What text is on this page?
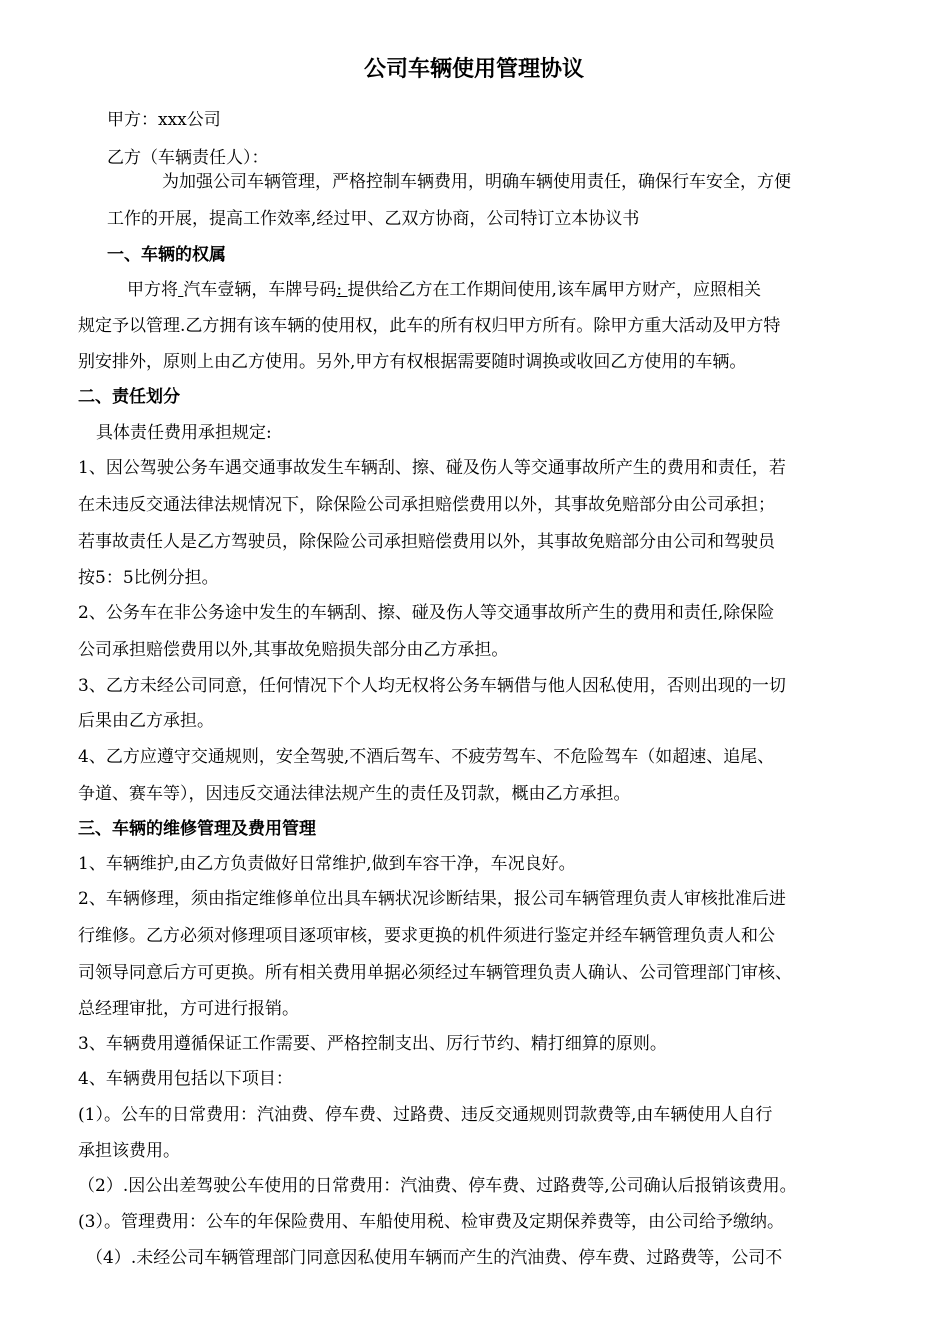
公司车辆使用管理协议
甲方：xxx公司
乙方（车辆责任人）：
为加强公司车辆管理，严格控制车辆费用，明确车辆使用责任，确保行车安全，方便
工作的开展，提高工作效率,经过甲、乙双方协商，公司特订立本协议书
一、车辆的权属
甲方将 汽车壹辆，车牌号码: 提供给乙方在工作期间使用,该车属甲方财产，应照相关
规定予以管理.乙方拥有该车辆的使用权，此车的所有权归甲方所有。除甲方重大活动及甲方特
别安排外，原则上由乙方使用。另外,甲方有权根据需要随时调换或收回乙方使用的车辆。
二、责任划分
具体责任费用承担规定:
1、因公驾驶公务车遇交通事故发生车辆刮、擦、碰及伤人等交通事故所产生的费用和责任，若
在未违反交通法律法规情况下，除保险公司承担赔偿费用以外，其事故免赔部分由公司承担；
若事故责任人是乙方驾驶员，除保险公司承担赔偿费用以外，其事故免赔部分由公司和驾驶员
按5：5比例分担。
2、公务车在非公务途中发生的车辆刮、擦、碰及伤人等交通事故所产生的费用和责任,除保险
公司承担赔偿费用以外,其事故免赔损失部分由乙方承担。
3、乙方未经公司同意，任何情况下个人均无权将公务车辆借与他人因私使用，否则出现的一切
后果由乙方承担。
4、乙方应遵守交通规则，安全驾驶,不酒后驾车、不疲劳驾车、不危险驾车（如超速、追尾、
争道、赛车等），因违反交通法律法规产生的责任及罚款，概由乙方承担。
三、车辆的维修管理及费用管理
1、车辆维护,由乙方负责做好日常维护,做到车容干净，车况良好。
2、车辆修理，须由指定维修单位出具车辆状况诊断结果，报公司车辆管理负责人审核批准后进
行维修。乙方必须对修理项目逐项审核，要求更换的机件须进行鉴定并经车辆管理负责人和公
司领导同意后方可更换。所有相关费用单据必须经过车辆管理负责人确认、公司管理部门审核、
总经理审批，方可进行报销。
3、车辆费用遵循保证工作需要、严格控制支出、厉行节约、精打细算的原则。
4、车辆费用包括以下项目：
(1）。公车的日常费用：汽油费、停车费、过路费、违反交通规则罚款费等,由车辆使用人自行
承担该费用。
（2）.因公出差驾驶公车使用的日常费用：汽油费、停车费、过路费等,公司确认后报销该费用。
(3）。管理费用：公车的年保险费用、车船使用税、检审费及定期保养费等，由公司给予缴纳。
（4）.未经公司车辆管理部门同意因私使用车辆而产生的汽油费、停车费、过路费等，公司不
